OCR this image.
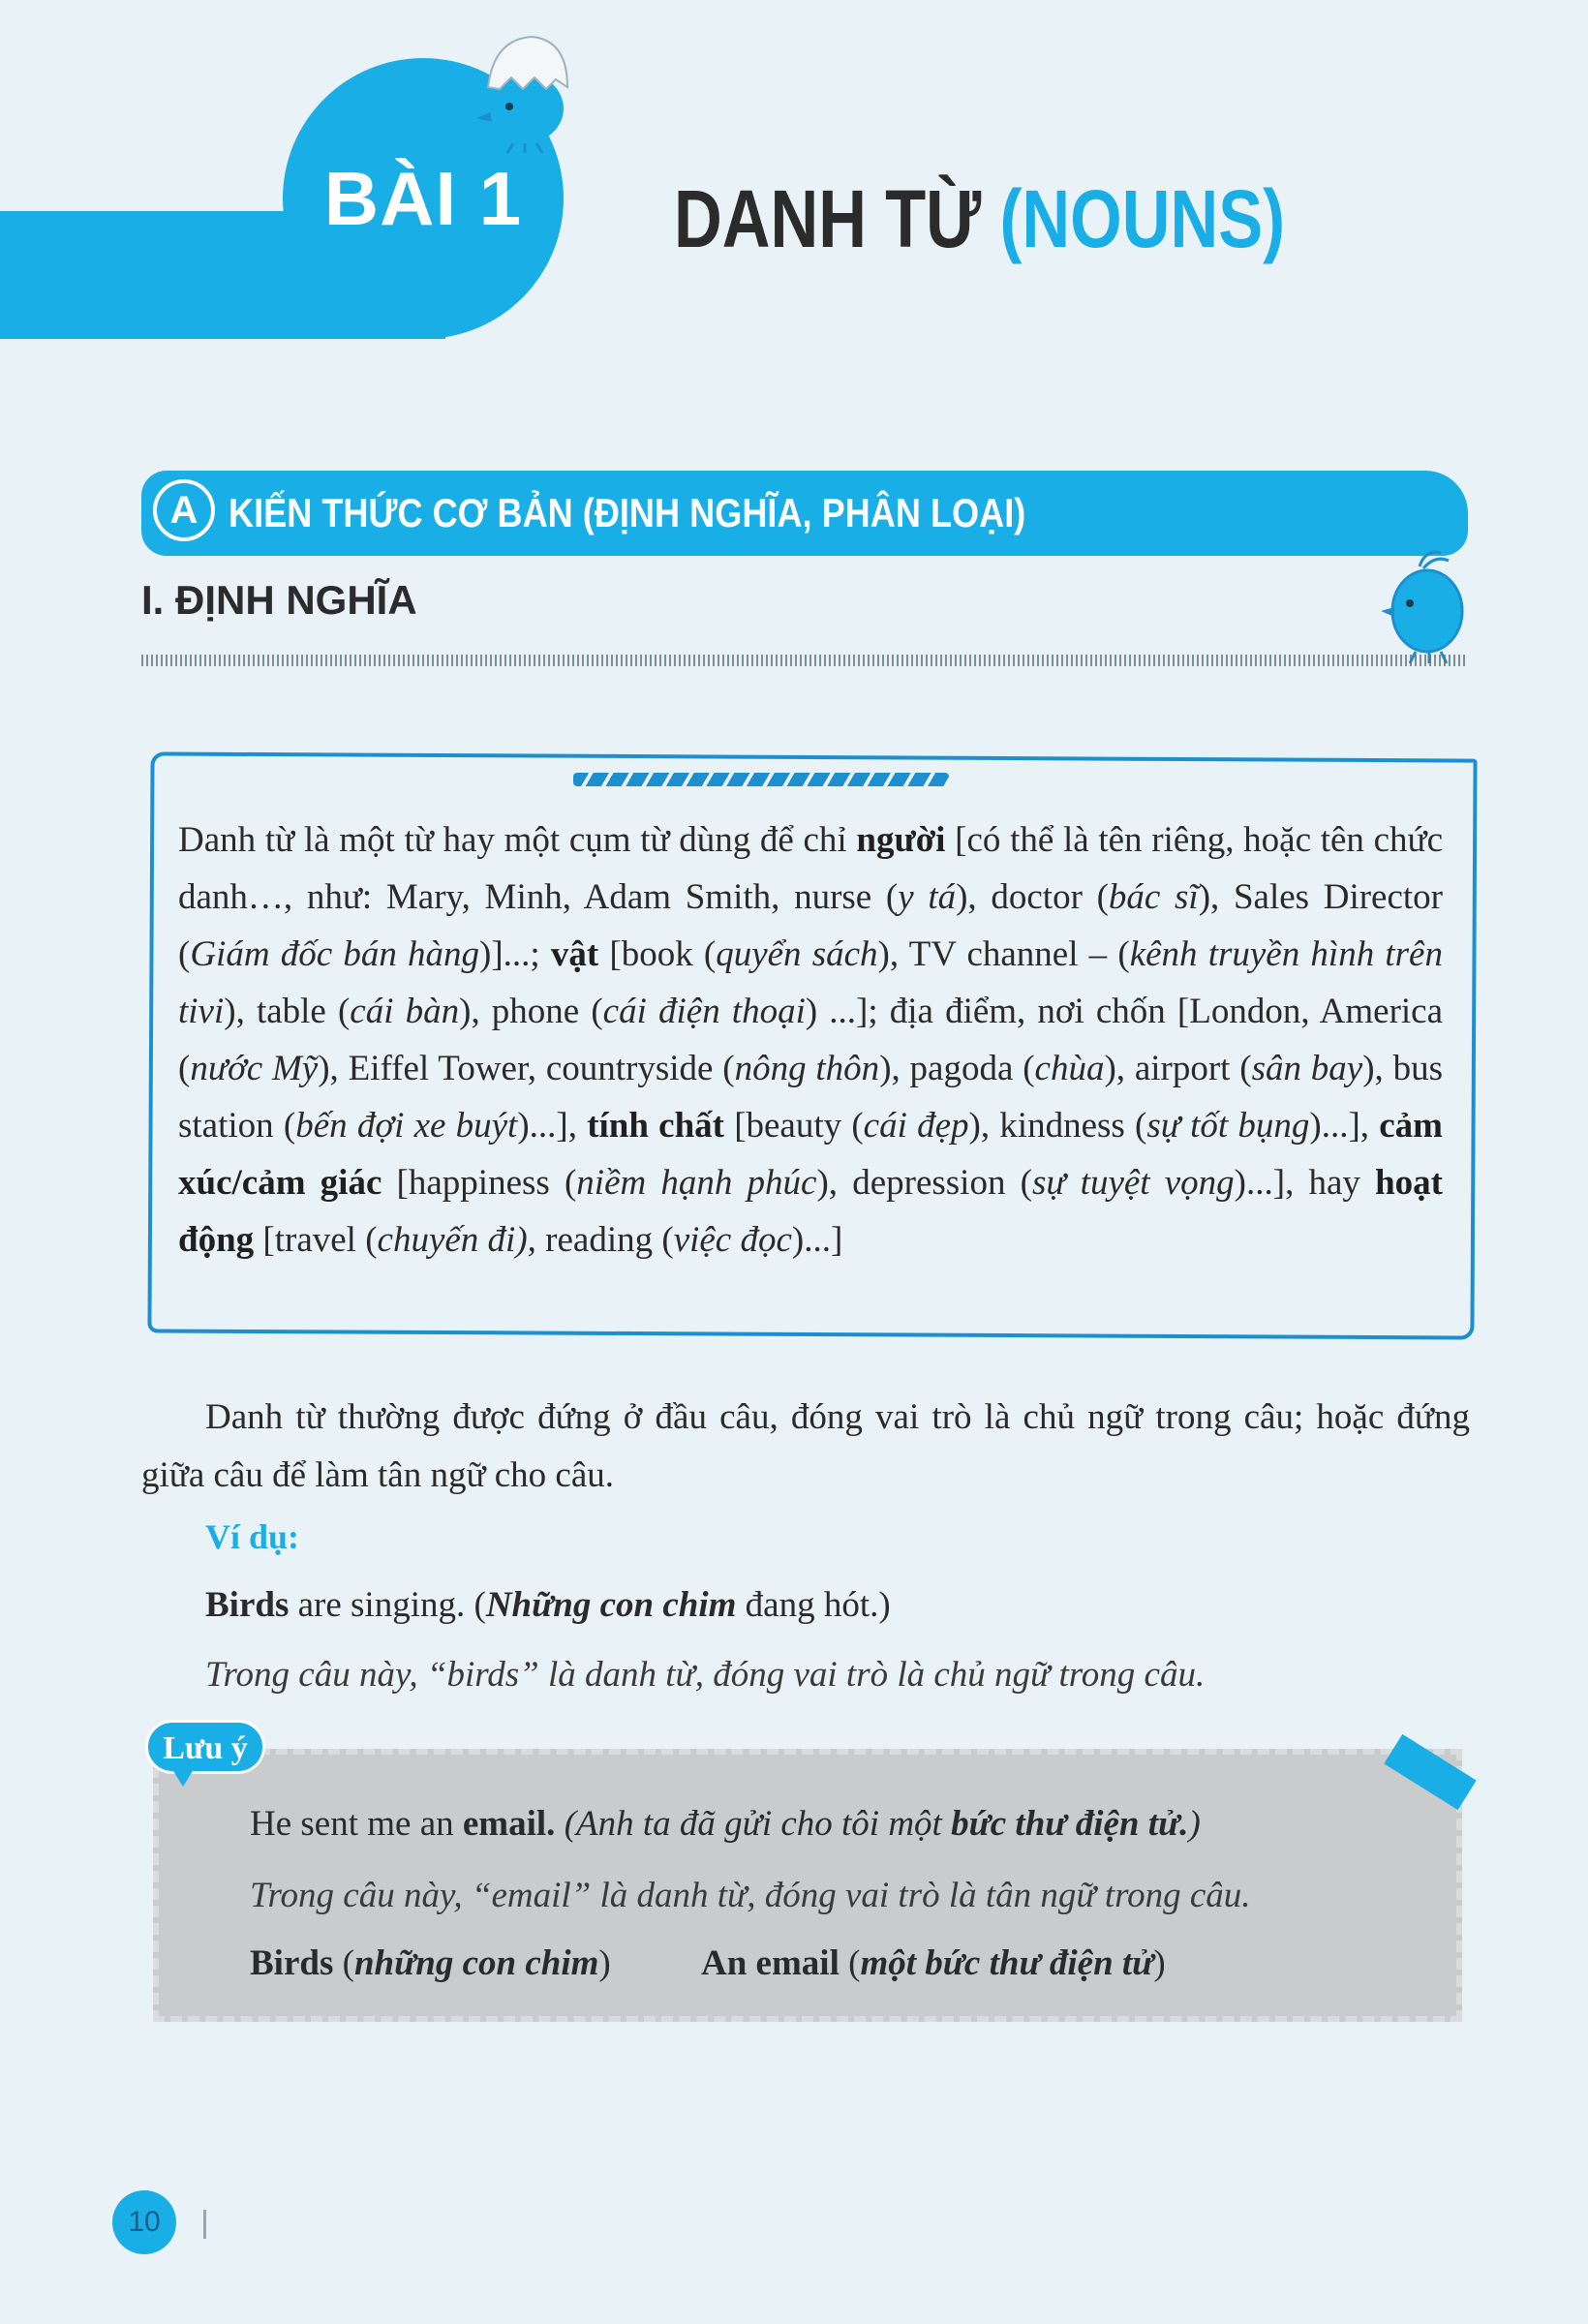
BÀI 1	DANH TỪ (NOUNS)
A KIẾN THỨC CƠ BẢN (ĐỊNH NGHĨA, PHÂN LOẠI)
I. ĐỊNH NGHĨA
Danh từ là một từ hay một cụm từ dùng để chỉ người [có thể là tên riêng, hoặc tên chức danh…, như: Mary, Minh, Adam Smith, nurse (y tá), doctor (bác sĩ), Sales Director (Giám đốc bán hàng)]...; vật [book (quyển sách), TV channel – (kênh truyền hình trên tivi), table (cái bàn), phone (cái điện thoại) ...]; địa điểm, nơi chốn [London, America (nước Mỹ), Eiffel Tower, countryside (nông thôn), pagoda (chùa), airport (sân bay), bus station (bến đợi xe buýt)...], tính chất [beauty (cái đẹp), kindness (sự tốt bụng)...], cảm xúc/cảm giác [happiness (niềm hạnh phúc), depression (sự tuyệt vọng)...], hay hoạt động [travel (chuyến đi), reading (việc đọc)...]
Danh từ thường được đứng ở đầu câu, đóng vai trò là chủ ngữ trong câu; hoặc đứng giữa câu để làm tân ngữ cho câu.
Ví dụ:
Birds are singing. (Những con chim đang hót.)
Trong câu này, “birds” là danh từ, đóng vai trò là chủ ngữ trong câu.
Lưu ý
He sent me an email. (Anh ta đã gửi cho tôi một bức thư điện tử.)
Trong câu này, “email” là danh từ, đóng vai trò là tân ngữ trong câu.
Birds (những con chim)	An email (một bức thư điện tử)
10
